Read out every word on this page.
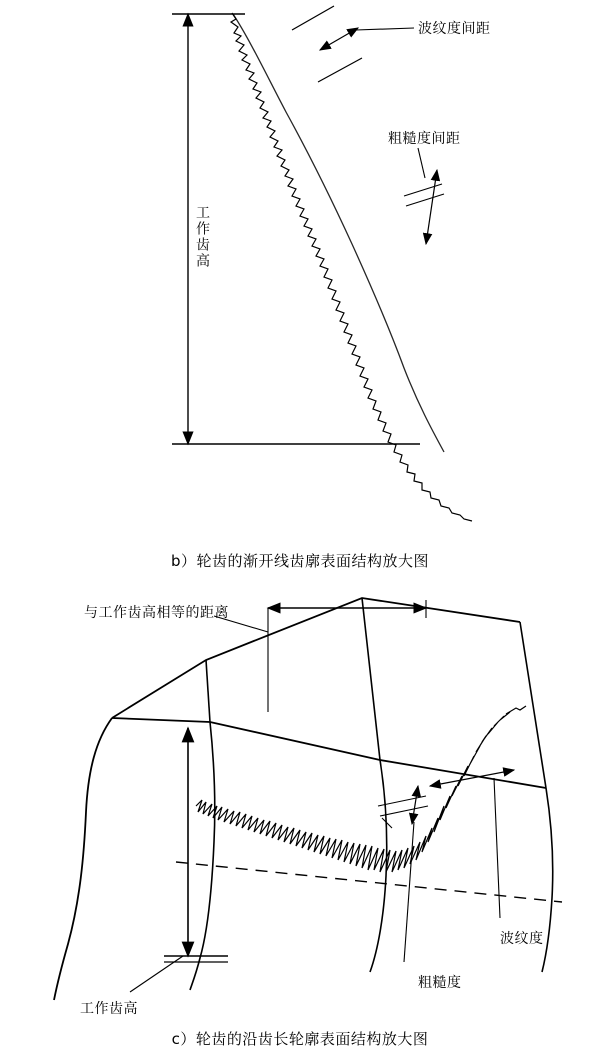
波纹度间距
粗糙度间距
工作齿高
与工作齿高相等的距离
粗糙度
波纹度
工作齿高
b）轮齿的渐开线齿廓表面结构放大图
c）轮齿的沿齿长轮廓表面结构放大图
